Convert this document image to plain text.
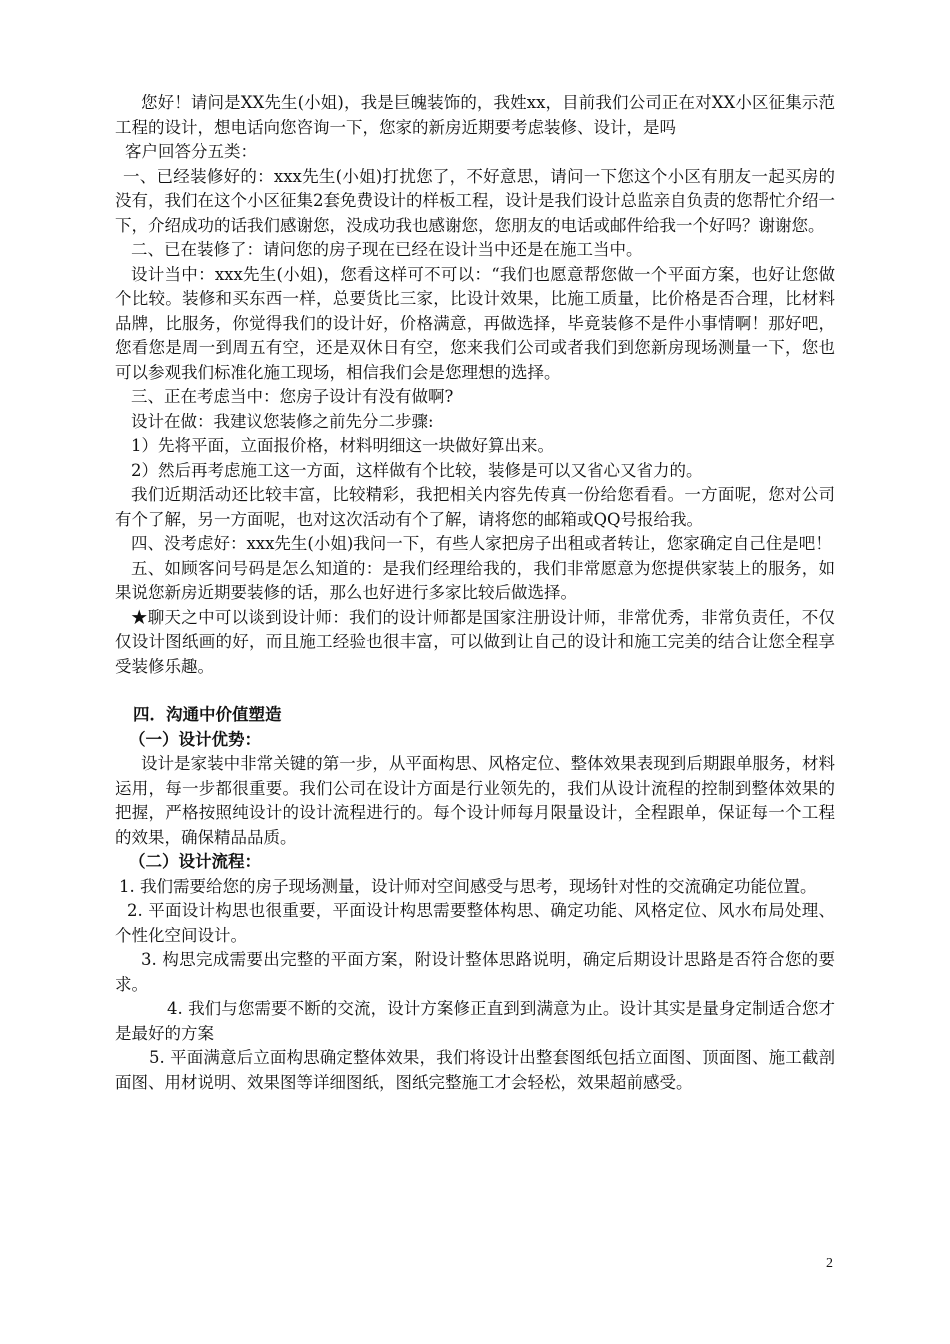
您好！请问是XX先生(小姐)，我是巨魄装饰的，我姓xx，目前我们公司正在对XX小区征集示范工程的设计，想电话向您咨询一下，您家的新房近期要考虑装修、设计，是吗

客户回答分五类：

一、已经装修好的：xxx先生(小姐)打扰您了，不好意思，请问一下您这个小区有朋友一起买房的没有，我们在这个小区征集2套免费设计的样板工程，设计是我们设计总监亲自负责的您帮忙介绍一下，介绍成功的话我们感谢您，没成功我也感谢您，您朋友的电话或邮件给我一个好吗？谢谢您。

二、已在装修了：请问您的房子现在已经在设计当中还是在施工当中。

设计当中：xxx先生(小姐)，您看这样可不可以：“我们也愿意帮您做一个平面方案，也好让您做个比较。装修和买东西一样，总要货比三家，比设计效果，比施工质量，比价格是否合理，比材料品牌，比服务，你觉得我们的设计好，价格满意，再做选择，毕竟装修不是件小事情啊！那好吧，您看您是周一到周五有空，还是双休日有空，您来我们公司或者我们到您新房现场测量一下，您也可以参观我们标准化施工现场，相信我们会是您理想的选择。

三、正在考虑当中：您房子设计有没有做啊?

设计在做：我建议您装修之前先分二步骤:

1）先将平面，立面报价格，材料明细这一块做好算出来。

2）然后再考虑施工这一方面，这样做有个比较，装修是可以又省心又省力的。

我们近期活动还比较丰富，比较精彩，我把相关内容先传真一份给您看看。一方面呢，您对公司有个了解，另一方面呢，也对这次活动有个了解，请将您的邮箱或QQ号报给我。

四、没考虑好：xxx先生(小姐)我问一下，有些人家把房子出租或者转让，您家确定自己住是吧！

五、如顾客问号码是怎么知道的：是我们经理给我的，我们非常愿意为您提供家装上的服务，如果说您新房近期要装修的话，那么也好进行多家比较后做选择。

★聊天之中可以谈到设计师：我们的设计师都是国家注册设计师，非常优秀，非常负责任，不仅仅设计图纸画的好，而且施工经验也很丰富，可以做到让自己的设计和施工完美的结合让您全程享受装修乐趣。

四．沟通中价值塑造
（一）设计优势：

设计是家装中非常关键的第一步，从平面构思、风格定位、整体效果表现到后期跟单服务，材料运用，每一步都很重要。我们公司在设计方面是行业领先的，我们从设计流程的控制到整体效果的把握，严格按照纯设计的设计流程进行的。每个设计师每月限量设计，全程跟单，保证每一个工程的效果，确保精品品质。

（二）设计流程：

1. 我们需要给您的房子现场测量，设计师对空间感受与思考，现场针对性的交流确定功能位置。

2. 平面设计构思也很重要，平面设计构思需要整体构思、确定功能、风格定位、风水布局处理、个性化空间设计。

3. 构思完成需要出完整的平面方案，附设计整体思路说明，确定后期设计思路是否符合您的要求。

4. 我们与您需要不断的交流，设计方案修正直到到满意为止。设计其实是量身定制适合您才是最好的方案

5. 平面满意后立面构思确定整体效果，我们将设计出整套图纸包括立面图、顶面图、施工截剖面图、用材说明、效果图等详细图纸，图纸完整施工才会轻松，效果超前感受。

2
